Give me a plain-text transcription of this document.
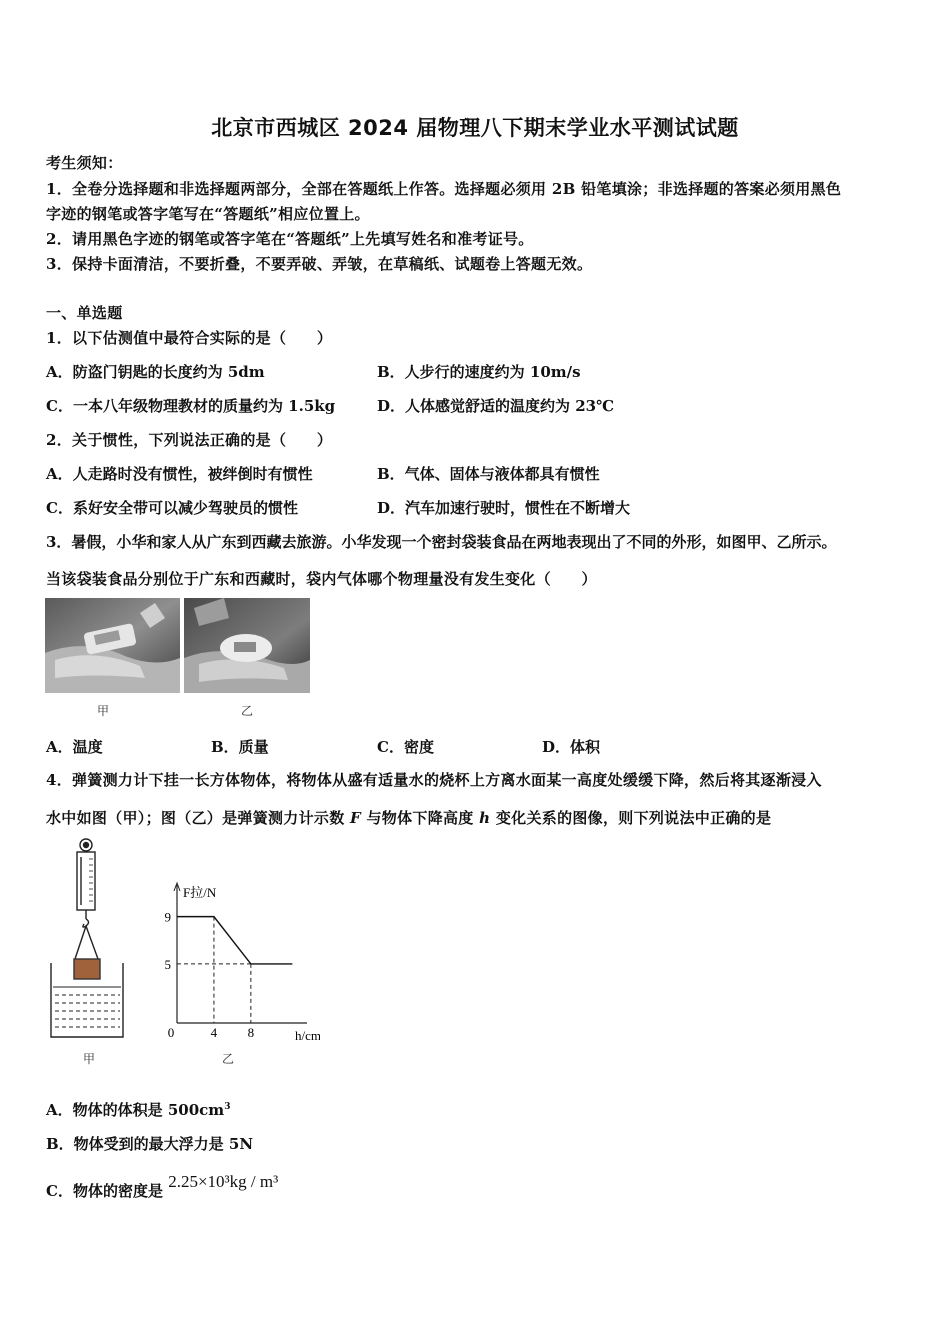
北京市西城区 2024 届物理八下期末学业水平测试试题
考生须知：
1．全卷分选择题和非选择题两部分，全部在答题纸上作答。选择题必须用 2B 铅笔填涂；非选择题的答案必须用黑色
字迹的钢笔或答字笔写在“答题纸”相应位置上。
2．请用黑色字迹的钢笔或答字笔在“答题纸”上先填写姓名和准考证号。
3．保持卡面清洁，不要折叠，不要弄破、弄皱，在草稿纸、试题卷上答题无效。
一、单选题
1．以下估测值中最符合实际的是（　　）
A．防盗门钥匙的长度约为 5dm	B．人步行的速度约为 10m/s
C．一本八年级物理教材的质量约为 1.5kg	D．人体感觉舒适的温度约为 23℃
2．关于惯性，下列说法正确的是（　　）
A．人走路时没有惯性，被绊倒时有惯性	B．气体、固体与液体都具有惯性
C．系好安全带可以减少驾驶员的惯性	D．汽车加速行驶时，惯性在不断增大
3．暑假，小华和家人从广东到西藏去旅游。小华发现一个密封袋装食品在两地表现出了不同的外形，如图甲、乙所示。
当该袋装食品分别位于广东和西藏时，袋内气体哪个物理量没有发生变化（　　）
甲	乙
A．温度	B．质量	C．密度	D．体积
4．弹簧测力计下挂一长方体物体，将物体从盛有适量水的烧杯上方离水面某一高度处缓缓下降，然后将其逐渐浸入
水中如图（甲）；图（乙）是弹簧测力计示数 F 与物体下降高度 h 变化关系的图像，则下列说法中正确的是
甲
F拉/N
h/cm
0
9
5
4 8
乙
A．物体的体积是 $500cm^3$
B．物体受到的最大浮力是 5N
C．物体的密度是 2.25×10³kg / m³
